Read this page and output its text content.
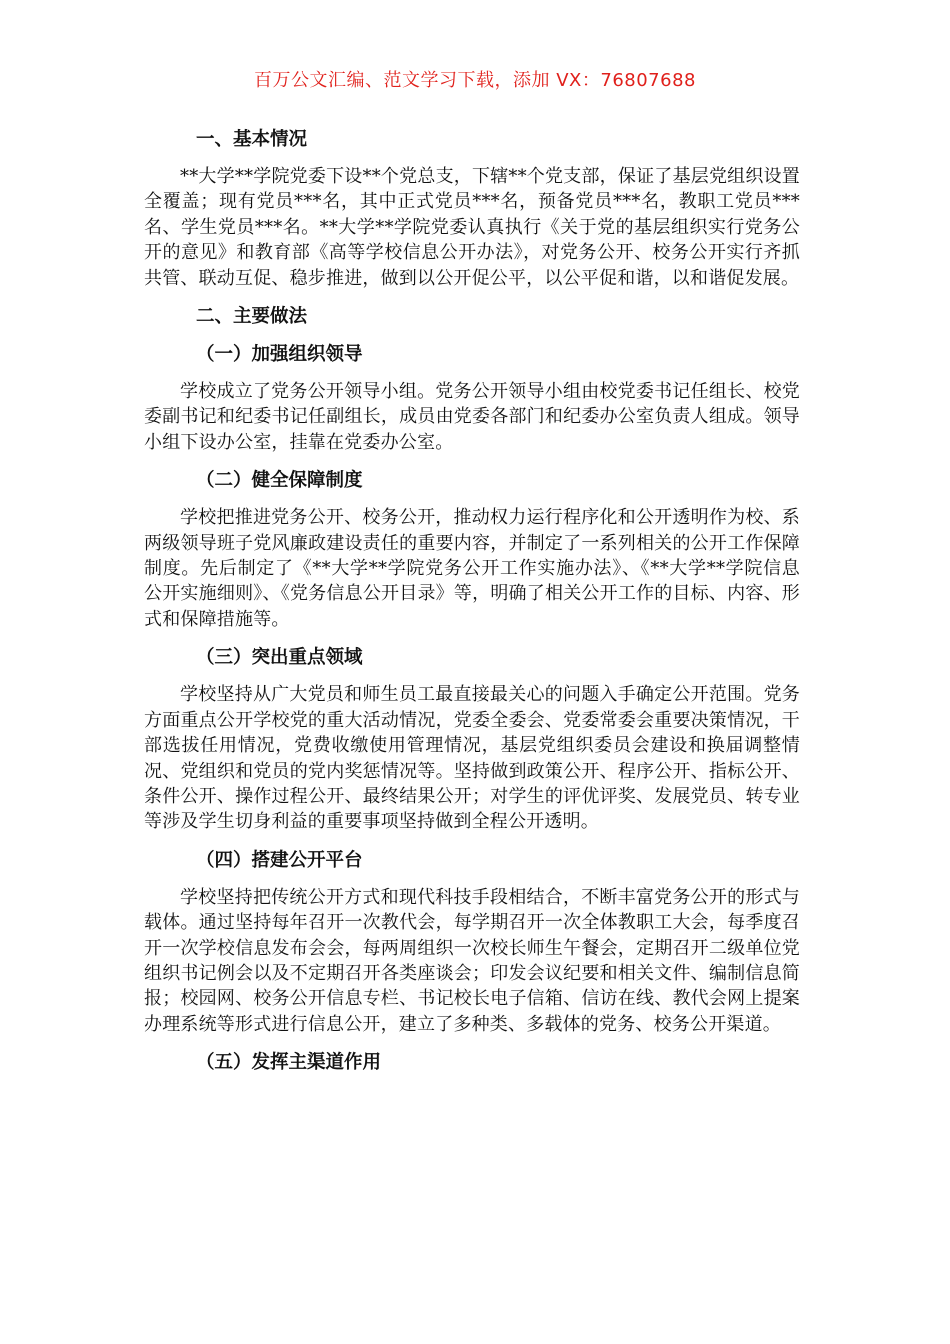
百万公文汇编、范文学习下载，添加 VX：76807688
一、基本情况

**大学**学院党委下设**个党总支，下辖**个党支部，保证了基层党组织设置全覆盖；现有党员***名，其中正式党员***名，预备党员***名，教职工党员***名、学生党员***名。**大学**学院党委认真执行《关于党的基层组织实行党务公开的意见》和教育部《高等学校信息公开办法》，对党务公开、校务公开实行齐抓共管、联动互促、稳步推进，做到以公开促公平，以公平促和谐，以和谐促发展。

二、主要做法
（一）加强组织领导

学校成立了党务公开领导小组。党务公开领导小组由校党委书记任组长、校党委副书记和纪委书记任副组长，成员由党委各部门和纪委办公室负责人组成。领导小组下设办公室，挂靠在党委办公室。

（二）健全保障制度

学校把推进党务公开、校务公开，推动权力运行程序化和公开透明作为校、系两级领导班子党风廉政建设责任的重要内容，并制定了一系列相关的公开工作保障制度。先后制定了《**大学**学院党务公开工作实施办法》、《**大学**学院信息公开实施细则》、《党务信息公开目录》等，明确了相关公开工作的目标、内容、形式和保障措施等。

（三）突出重点领域

学校坚持从广大党员和师生员工最直接最关心的问题入手确定公开范围。党务方面重点公开学校党的重大活动情况，党委全委会、党委常委会重要决策情况，干部选拔任用情况，党费收缴使用管理情况，基层党组织委员会建设和换届调整情况、党组织和党员的党内奖惩情况等。坚持做到政策公开、程序公开、指标公开、条件公开、操作过程公开、最终结果公开；对学生的评优评奖、发展党员、转专业等涉及学生切身利益的重要事项坚持做到全程公开透明。

（四）搭建公开平台

学校坚持把传统公开方式和现代科技手段相结合，不断丰富党务公开的形式与载体。通过坚持每年召开一次教代会，每学期召开一次全体教职工大会，每季度召开一次学校信息发布会会，每两周组织一次校长师生午餐会，定期召开二级单位党组织书记例会以及不定期召开各类座谈会；印发会议纪要和相关文件、编制信息简报；校园网、校务公开信息专栏、书记校长电子信箱、信访在线、教代会网上提案办理系统等形式进行信息公开，建立了多种类、多载体的党务、校务公开渠道。

（五）发挥主渠道作用
